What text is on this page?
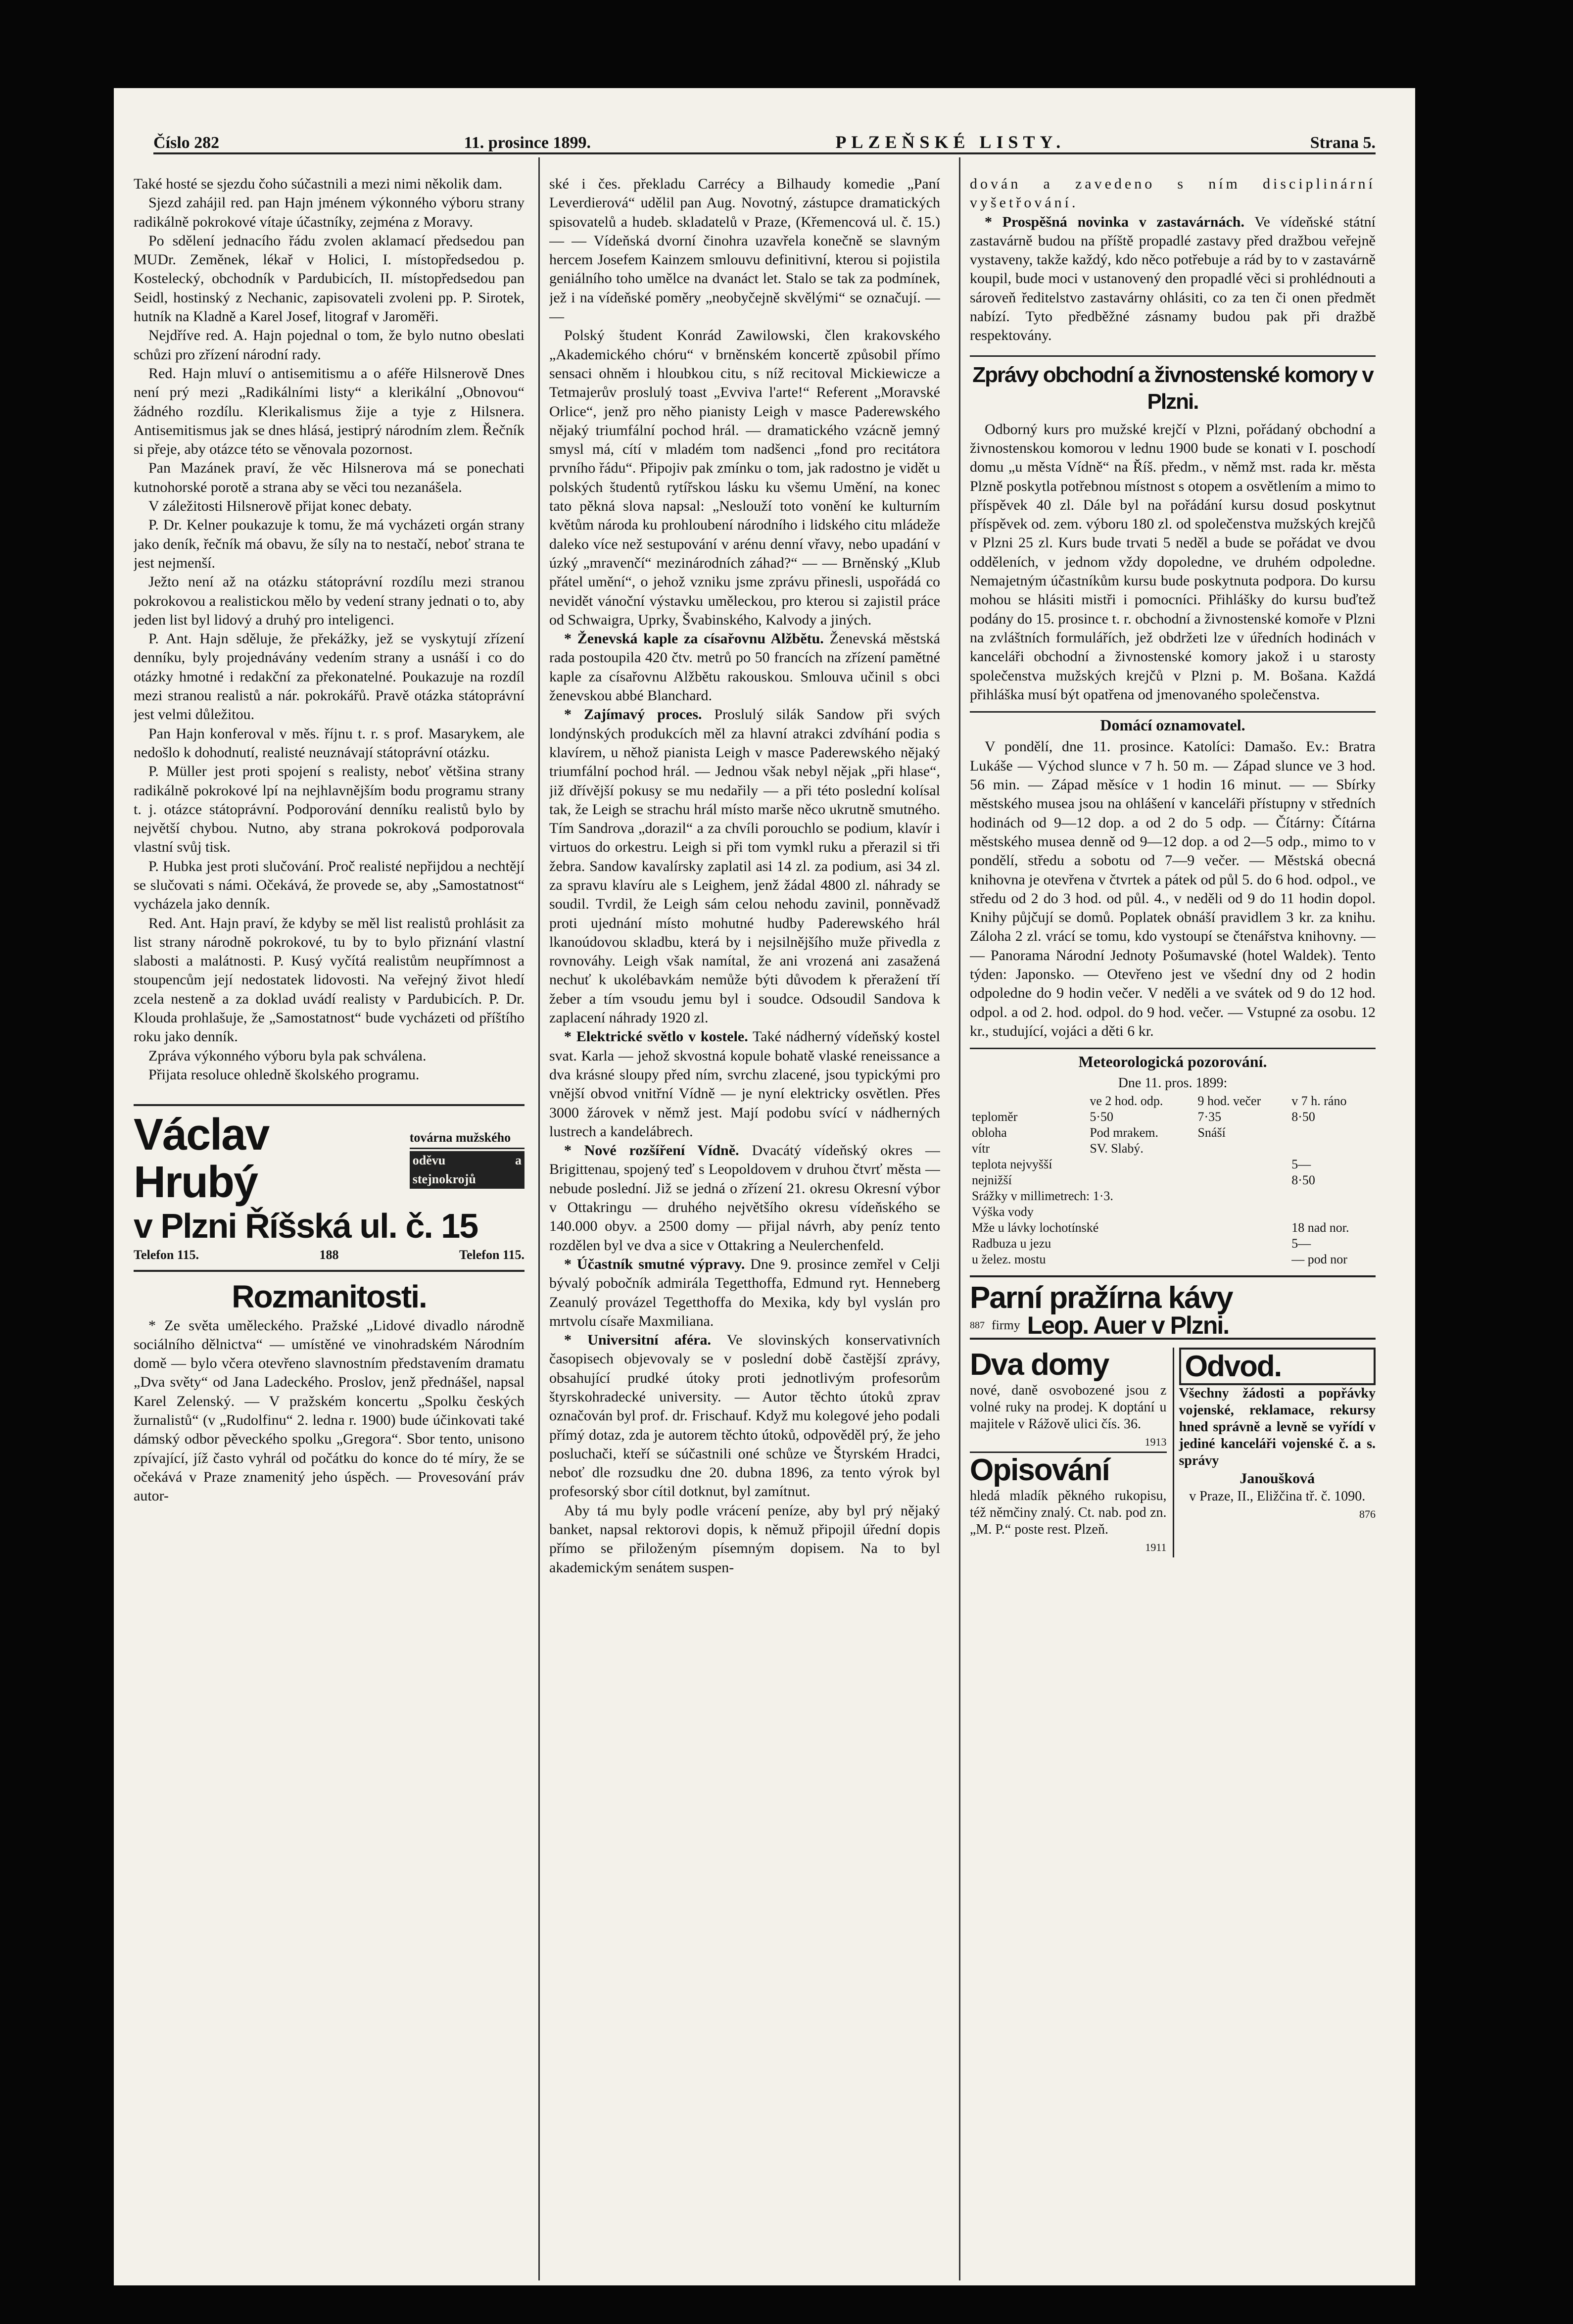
Číslo 282	11. prosince 1899.	PLZEŇSKÉ LISTY.	Strana 5.

Také hosté se sjezdu čoho súčastnili a mezi nimi několik dam.

Sjezd zahájil red. pan Hajn jménem výkonného výboru strany radikálně pokrokové vítaje účastníky, zejména z Moravy.

Po sdělení jednacího řádu zvolen aklamací předsedou pan MUDr. Zeměnek, lékař v Holici, I. místopředsedou p. Kostelecký, obchodník v Pardubicích, II. místopředsedou pan Seidl, hostinský z Nechanic, zapisovateli zvoleni pp. P. Sirotek, hutník na Kladně a Karel Josef, litograf v Jaroměři.

Nejdříve red. A. Hajn pojednal o tom, že bylo nutno obeslati schůzi pro zřízení národní rady.

Red. Hajn mluví o antisemitismu a o aféře Hilsnerově Dnes není prý mezi „Radikálními listy“ a klerikální „Obnovou“ žádného rozdílu. Klerikalismus žije a tyje z Hilsnera. Antisemitismus jak se dnes hlásá, jestiprý národním zlem. Řečník si přeje, aby otázce této se věnovala pozornost.

Pan Mazánek praví, že věc Hilsnerova má se ponechati kutnohorské porotě a strana aby se věci tou nezanášela.

V záležitosti Hilsnerově přijat konec debaty.

P. Dr. Kelner poukazuje k tomu, že má vycházeti orgán strany jako deník, řečník má obavu, že síly na to nestačí, neboť strana te jest nejmenší.

Ježto není až na otázku státoprávní rozdílu mezi stranou pokrokovou a realistickou mělo by vedení strany jednati o to, aby jeden list byl lidový a druhý pro inteligenci.

P. Ant. Hajn sděluje, že překážky, jež se vyskytují zřízení denníku, byly projednávány vedením strany a usnáší i co do otázky hmotné i redakční za překonatelné. Poukazuje na rozdíl mezi stranou realistů a nár. pokrokářů. Pravě otázka státoprávní jest velmi důležitou.

Pan Hajn konferoval v měs. říjnu t. r. s prof. Masarykem, ale nedošlo k dohodnutí, realisté neuznávají státoprávní otázku.

P. Müller jest proti spojení s realisty, neboť většina strany radikálně pokrokové lpí na nejhlavnějším bodu programu strany t. j. otázce státoprávní. Podporování denníku realistů bylo by největší chybou. Nutno, aby strana pokroková podporovala vlastní svůj tisk.

P. Hubka jest proti slučování. Proč realisté nepřijdou a nechtějí se slučovati s námi. Očekává, že provede se, aby „Samostatnost“ vycházela jako denník.

Red. Ant. Hajn praví, že kdyby se měl list realistů prohlásit za list strany národně pokrokové, tu by to bylo přiznání vlastní slabosti a malátnosti. P. Kusý vyčítá realistům neupřímnost a stoupencům její nedostatek lidovosti. Na veřejný život hledí zcela nesteně a za doklad uvádí realisty v Pardubicích. P. Dr. Klouda prohlašuje, že „Samostatnost“ bude vycházeti od příštího roku jako denník.

Zpráva výkonného výboru byla pak schválena.

Přijata resoluce ohledně školského programu.

Václav Hrubý
továrna mužského
oděvu a stejnokrojů
v Plzni Říšská ul. č. 15
Telefon 115.	188	Telefon 115.
Rozmanitosti.

* Ze světa uměleckého. Pražské „Lidové divadlo národně sociálního dělnictva“ — umístěné ve vinohradském Národním domě — bylo včera otevřeno slavnostním představením dramatu „Dva světy“ od Jana Ladeckého. Proslov, jenž přednášel, napsal Karel Zelenský. — V pražském koncertu „Spolku českých žurnalistů“ (v „Rudolfinu“ 2. ledna r. 1900) bude účinkovati také dámský odbor pěveckého spolku „Gregora“. Sbor tento, unisono zpívající, jíž často vyhrál od počátku do konce do té míry, že se očekává v Praze znamenitý jeho úspěch. — Provesování práv autor-

ské i čes. překladu Carrécy a Bilhaudy komedie „Paní Leverdierová“ udělil pan Aug. Novotný, zástupce dramatických spisovatelů a hudeb. skladatelů v Praze, (Křemencová ul. č. 15.) — — Vídeňská dvorní činohra uzavřela konečně se slavným hercem Josefem Kainzem smlouvu definitivní, kterou si pojistila geniálního toho umělce na dvanáct let. Stalo se tak za podmínek, jež i na vídeňské poměry „neobyčejně skvělými“ se označují. — —

Polský študent Konrád Zawilowski, člen krakovského „Akademického chóru“ v brněnském koncertě způsobil přímo sensaci ohněm i hloubkou citu, s níž recitoval Mickiewicze a Tetmajerův proslulý toast „Evviva l'arte!“ Referent „Moravské Orlice“, jenž pro něho pianisty Leigh v masce Paderewského nějaký triumfální pochod hrál. — dramatického vzácně jemný smysl má, cítí v mladém tom nadšenci „fond pro recitátora prvního řádu“. Připojiv pak zmínku o tom, jak radostno je vidět u polských študentů rytířskou lásku ku všemu Umění, na konec tato pěkná slova napsal: „Neslouží toto vonění ke kulturním květům národa ku prohloubení národního i lidského citu mládeže daleko více než sestupování v arénu denní vřavy, nebo upadání v úzký „mravenčí“ mezinárodních záhad?“ — — Brněnský „Klub přátel umění“, o jehož vzniku jsme zprávu přinesli, uspořádá co nevidět vánoční výstavku uměleckou, pro kterou si zajistil práce od Schwaigra, Uprky, Švabinského, Kalvody a jiných.

* Ženevská kaple za císařovnu Alžbětu. Ženevská městská rada postoupila 420 čtv. metrů po 50 francích na zřízení pamětné kaple za císařovnu Alžbětu rakouskou. Smlouva učinil s obci ženevskou abbé Blanchard.

* Zajímavý proces. Proslulý silák Sandow při svých londýnských produkcích měl za hlavní atrakci zdvíhání podia s klavírem, u něhož pianista Leigh v masce Paderewského nějaký triumfální pochod hrál. — Jednou však nebyl nějak „při hlase“, již dřívější pokusy se mu nedařily — a při této poslední kolísal tak, že Leigh se strachu hrál místo marše něco ukrutně smutného. Tím Sandrova „dorazil“ a za chvíli porouchlo se podium, klavír i virtuos do orkestru. Leigh si při tom vymkl ruku a přerazil si tři žebra. Sandow kavalírsky zaplatil asi 14 zl. za podium, asi 34 zl. za spravu klavíru ale s Leighem, jenž žádal 4800 zl. náhrady se soudil. Tvrdil, že Leigh sám celou nehodu zavinil, ponněvadž proti ujednání místo mohutné hudby Paderewského hrál lkanoúdovou skladbu, která by i nejsilnějšího muže přivedla z rovnováhy. Leigh však namítal, že ani vrozená ani zasažená nechuť k ukolébavkám nemůže býti důvodem k přeražení tří žeber a tím vsoudu jemu byl i soudce. Odsoudil Sandova k zaplacení náhrady 1920 zl.

* Elektrické světlo v kostele. Také nádherný vídeňský kostel svat. Karla — jehož skvostná kopule bohatě vlaské reneissance a dva krásné sloupy před ním, svrchu zlacené, jsou typickými pro vnější obvod vnitřní Vídně — je nyní elektricky osvětlen. Přes 3000 žárovek v němž jest. Mají podobu svící v nádherných lustrech a kandelábrech.

* Nové rozšíření Vídně. Dvacátý vídeňský okres — Brigittenau, spojený teď s Leopoldovem v druhou čtvrť města — nebude poslední. Již se jedná o zřízení 21. okresu Okresní výbor v Ottakringu — druhého největšího okresu vídeňského se 140.000 obyv. a 2500 domy — přijal návrh, aby peníz tento rozdělen byl ve dva a sice v Ottakring a Neulerchenfeld.

* Účastník smutné výpravy. Dne 9. prosince zemřel v Celji bývalý pobočník admirála Tegetthoffa, Edmund ryt. Henneberg Zeanulý provázel Tegetthoffa do Mexika, kdy byl vyslán pro mrtvolu císaře Maxmiliana.

* Universitní aféra. Ve slovinských konservativních časopisech objevovaly se v poslední době častější zprávy, obsahující prudké útoky proti jednotlivým profesorům štyrskohradecké university. — Autor těchto útoků zprav označován byl prof. dr. Frischauf. Když mu kolegové jeho podali přímý dotaz, zda je autorem těchto útoků, odpověděl prý, že jeho posluchači, kteří se súčastnili oné schůze ve Štyrském Hradci, neboť dle rozsudku dne 20. dubna 1896, za tento výrok byl profesorský sbor cítil dotknut, byl zamítnut.

Aby tá mu byly podle vrácení peníze, aby byl prý nějaký banket, napsal rektorovi dopis, k němuž připojil úřední dopis přímo se přiloženým písemným dopisem. Na to byl akademickým senátem suspen-

dován a zavedeno s ním disciplinární vyšetřování.

* Prospěšná novinka v zastavárnách. Ve vídeňské státní zastavárně budou na příště propadlé zastavy před dražbou veřejně vystaveny, takže každý, kdo něco potřebuje a rád by to v zastavárně koupil, bude moci v ustanovený den propadlé věci si prohlédnouti a sároveň ředitelstvo zastavárny ohlásiti, co za ten či onen předmět nabízí. Tyto předběžné zásnamy budou pak při dražbě respektovány.

Zprávy obchodní a živnostenské komory v Plzni.

Odborný kurs pro mužské krejčí v Plzni, pořádaný obchodní a živnostenskou komorou v lednu 1900 bude se konati v I. poschodí domu „u města Vídně“ na Říš. předm., v němž mst. rada kr. města Plzně poskytla potřebnou místnost s otopem a osvětlením a mimo to příspěvek 40 zl. Dále byl na pořádání kursu dosud poskytnut příspěvek od. zem. výboru 180 zl. od společenstva mužských krejčů v Plzni 25 zl. Kurs bude trvati 5 neděl a bude se pořádat ve dvou odděleních, v jednom vždy dopoledne, ve druhém odpoledne. Nemajetným účastníkům kursu bude poskytnuta podpora. Do kursu mohou se hlásiti mistři i pomocníci. Přihlášky do kursu buďtež podány do 15. prosince t. r. obchodní a živnostenské komoře v Plzni na zvláštních formulářích, jež obdržeti lze v úředních hodinách v kanceláři obchodní a živnostenské komory jakož i u starosty společenstva mužských krejčů v Plzni p. M. Bošana. Každá přihláška musí být opatřena od jmenovaného společenstva.

Domácí oznamovatel.

V pondělí, dne 11. prosince. Katolíci: Damašo. Ev.: Bratra Lukáše — Východ slunce v 7 h. 50 m. — Západ slunce ve 3 hod. 56 min. — Západ měsíce v 1 hodin 16 minut. — — Sbírky městského musea jsou na ohlášení v kanceláři přístupny v středních hodinách od 9—12 dop. a od 2 do 5 odp. — Čítárny: Čítárna městského musea denně od 9—12 dop. a od 2—5 odp., mimo to v pondělí, středu a sobotu od 7—9 večer. — Městská obecná knihovna je otevřena v čtvrtek a pátek od půl 5. do 6 hod. odpol., ve středu od 2 do 3 hod. od půl. 4., v neděli od 9 do 11 hodin dopol. Knihy půjčují se domů. Poplatek obnáší pravidlem 3 kr. za knihu. Záloha 2 zl. vrácí se tomu, kdo vystoupí se čtenářstva knihovny. — — Panorama Národní Jednoty Pošumavské (hotel Waldek). Tento týden: Japonsko. — Otevřeno jest ve všední dny od 2 hodin odpoledne do 9 hodin večer. V neděli a ve svátek od 9 do 12 hod. odpol. a od 2. hod. odpol. do 9 hod. večer. — Vstupné za osobu. 12 kr., studující, vojáci a děti 6 kr.

Meteorologická pozorování.
Dne 11. pros. 1899:
	ve 2 hod. odp.	9 hod. večer	v 7 h. ráno
teploměr	5·50	7·35	8·50
obloha	Pod mrakem.	Snáší	
vítr	SV. Slabý.		
teplota nejvyšší			5—
nejnižší			8·50
Srážky v millimetrech: 1·3.			
Výška vody			
Mže u lávky lochotínské			18 nad nor.
Radbuza u jezu			5—
u želez. mostu			— pod nor
Parní pražírna kávy
887 firmy Leop. Auer v Plzni.
Dva domy
nové, daně osvobozené jsou z volné ruky na prodej. K doptání u majitele v Rážově ulici čís. 36.
1913
Opisování
hledá mladík pěkného rukopisu, též němčiny znalý. Ct. nab. pod zn. „M. P.“ poste rest. Plzeň.
1911
Odvod.
Všechny žádosti a popřávky vojenské, reklamace, rekursy hned správně a levně se vyřídí v jediné kanceláři vojenské č. a s. správy
Janoušková
v Praze, II., Eližčina tř. č. 1090.
876
